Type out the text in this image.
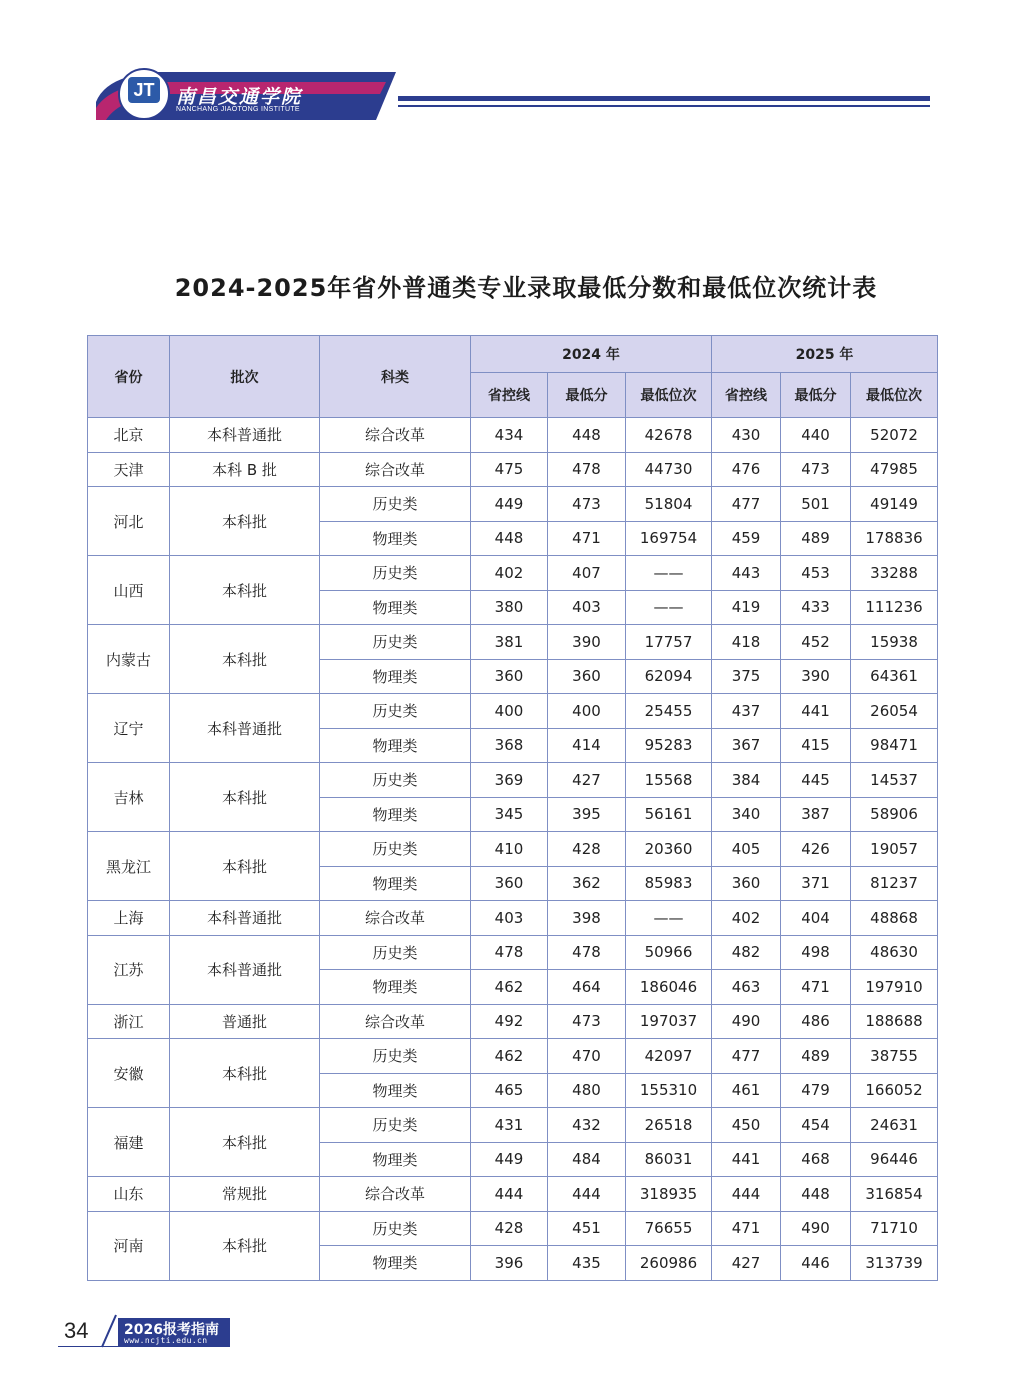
JT 南昌交通学院
NANCHANG JIAOTONG INSTITUTE
2024-2025年省外普通类专业录取最低分数和最低位次统计表
省份	批次	科类	2024 年			2025 年		
			省控线	最低分	最低位次	省控线	最低分	最低位次
北京	本科普通批	综合改革	434	448	42678	430	440	52072
天津	本科 B 批	综合改革	475	478	44730	476	473	47985
河北	本科批	历史类	449	473	51804	477	501	49149
		物理类	448	471	169754	459	489	178836
山西	本科批	历史类	402	407	——	443	453	33288
		物理类	380	403	——	419	433	111236
内蒙古	本科批	历史类	381	390	17757	418	452	15938
		物理类	360	360	62094	375	390	64361
辽宁	本科普通批	历史类	400	400	25455	437	441	26054
		物理类	368	414	95283	367	415	98471
吉林	本科批	历史类	369	427	15568	384	445	14537
		物理类	345	395	56161	340	387	58906
黑龙江	本科批	历史类	410	428	20360	405	426	19057
		物理类	360	362	85983	360	371	81237
上海	本科普通批	综合改革	403	398	——	402	404	48868
江苏	本科普通批	历史类	478	478	50966	482	498	48630
		物理类	462	464	186046	463	471	197910
浙江	普通批	综合改革	492	473	197037	490	486	188688
安徽	本科批	历史类	462	470	42097	477	489	38755
		物理类	465	480	155310	461	479	166052
福建	本科批	历史类	431	432	26518	450	454	24631
		物理类	449	484	86031	441	468	96446
山东	常规批	综合改革	444	444	318935	444	448	316854
河南	本科批	历史类	428	451	76655	471	490	71710
		物理类	396	435	260986	427	446	313739
34	2026报考指南
www.ncjti.edu.cn
